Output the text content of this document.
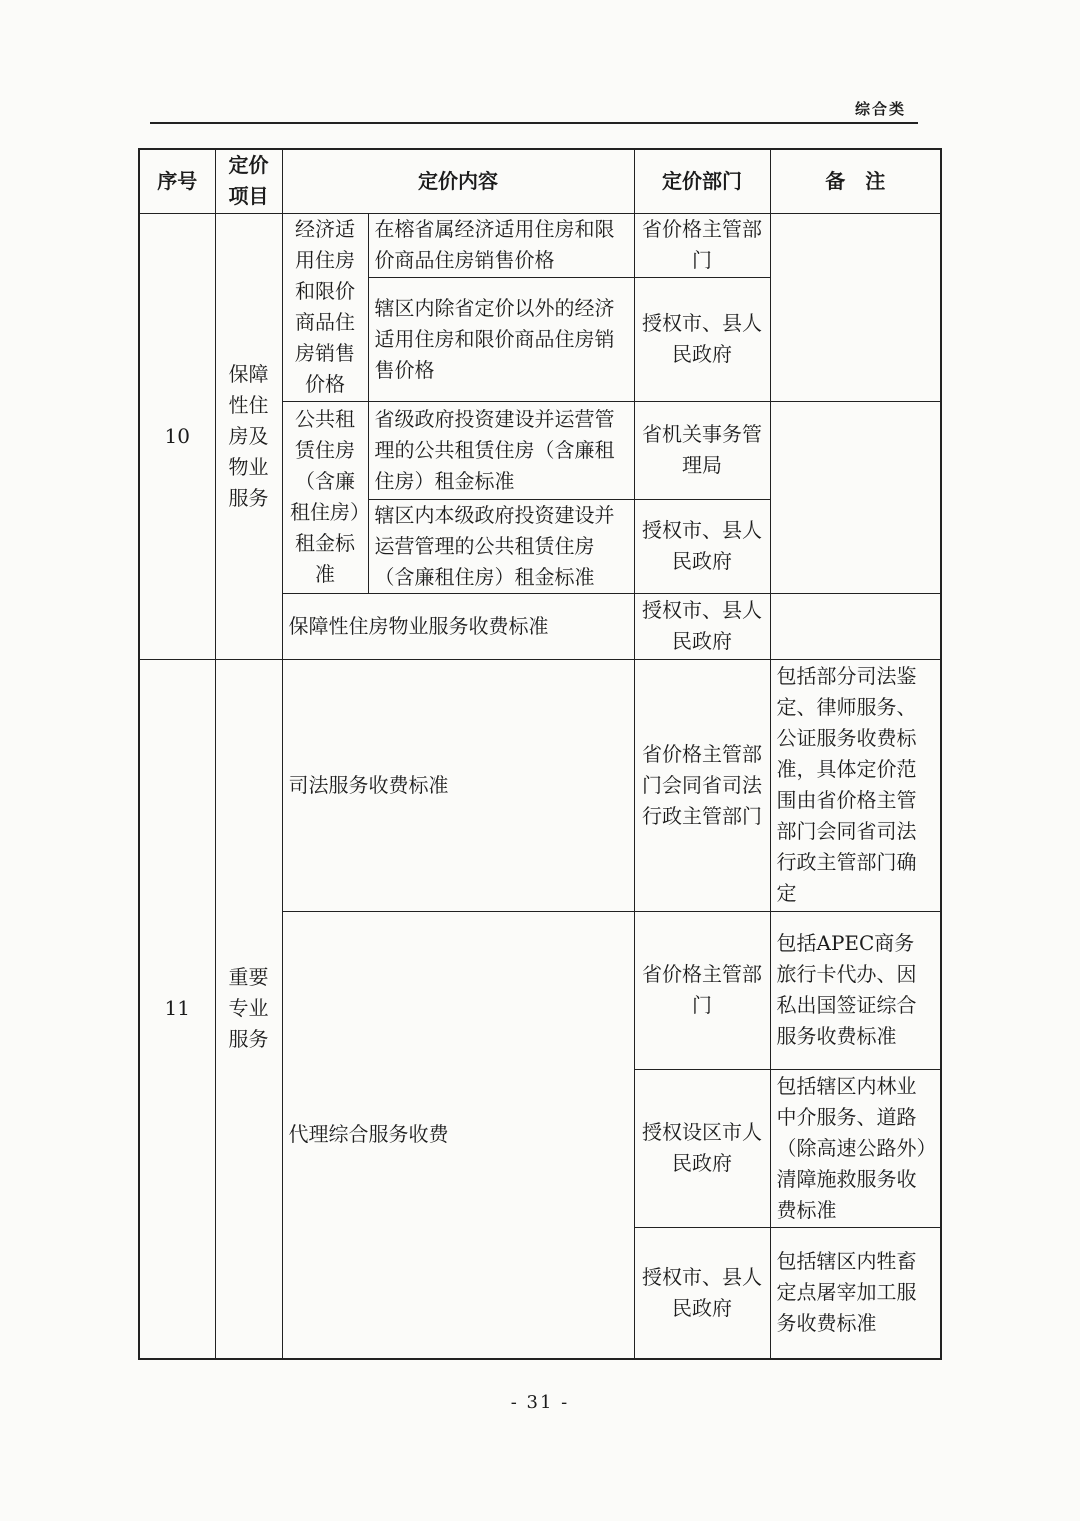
综合类
序号	定价项目	定价内容		定价部门	备　注
10	保障性住房及物业服务	经济适用住房和限价商品住房销售价格	在榕省属经济适用住房和限价商品住房销售价格	省价格主管部门	
			辖区内除省定价以外的经济适用住房和限价商品住房销售价格	授权市、县人民政府	
		公共租赁住房（含廉租住房）租金标准	省级政府投资建设并运营管理的公共租赁住房（含廉租住房）租金标准	省机关事务管理局	
			辖区内本级政府投资建设并运营管理的公共租赁住房（含廉租住房）租金标准	授权市、县人民政府	
		保障性住房物业服务收费标准		授权市、县人民政府	
11	重要专业服务	司法服务收费标准		省价格主管部门会同省司法行政主管部门	包括部分司法鉴定、律师服务、公证服务收费标准，具体定价范围由省价格主管部门会同省司法行政主管部门确定
		代理综合服务收费		省价格主管部门	包括APEC商务旅行卡代办、因私出国签证综合服务收费标准
				授权设区市人民政府	包括辖区内林业中介服务、道路（除高速公路外）清障施救服务收费标准
				授权市、县人民政府	包括辖区内牲畜定点屠宰加工服务收费标准
- 31 -
